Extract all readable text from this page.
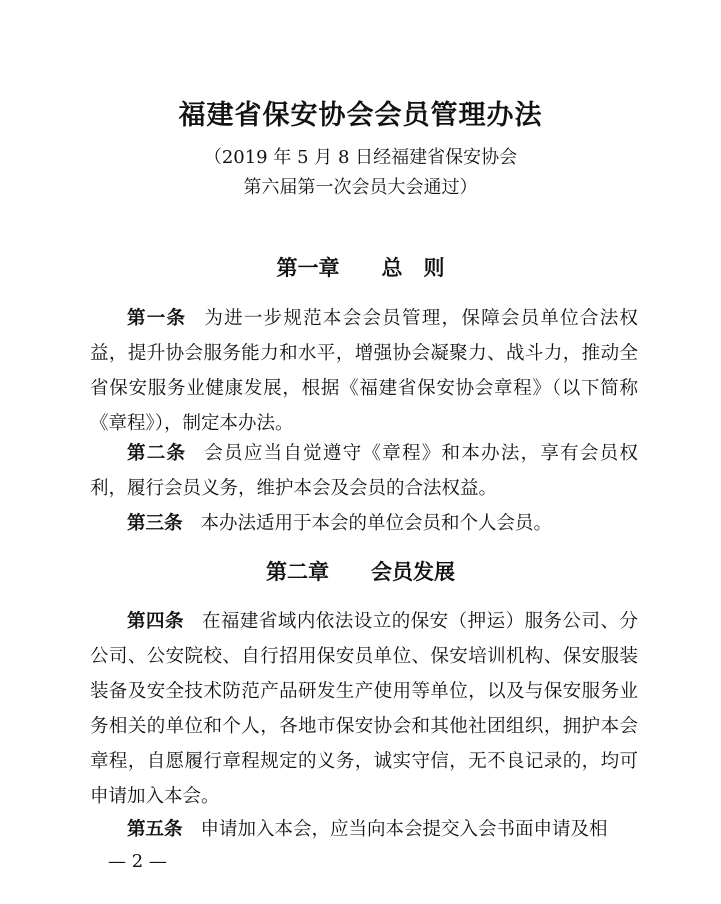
福建省保安协会会员管理办法
（2019 年 5 月 8 日经福建省保安协会
第六届第一次会员大会通过）
第一章　　总　则

第一条 为进一步规范本会会员管理，保障会员单位合法权益，提升协会服务能力和水平，增强协会凝聚力、战斗力，推动全省保安服务业健康发展，根据《福建省保安协会章程》（以下简称《章程》），制定本办法。

第二条 会员应当自觉遵守《章程》和本办法，享有会员权利，履行会员义务，维护本会及会员的合法权益。

第三条 本办法适用于本会的单位会员和个人会员。

第二章　　会员发展

第四条 在福建省域内依法设立的保安（押运）服务公司、分公司、公安院校、自行招用保安员单位、保安培训机构、保安服装装备及安全技术防范产品研发生产使用等单位，以及与保安服务业务相关的单位和个人，各地市保安协会和其他社团组织，拥护本会章程，自愿履行章程规定的义务，诚实守信，无不良记录的，均可申请加入本会。

第五条 申请加入本会，应当向本会提交入会书面申请及相

— 2 —
